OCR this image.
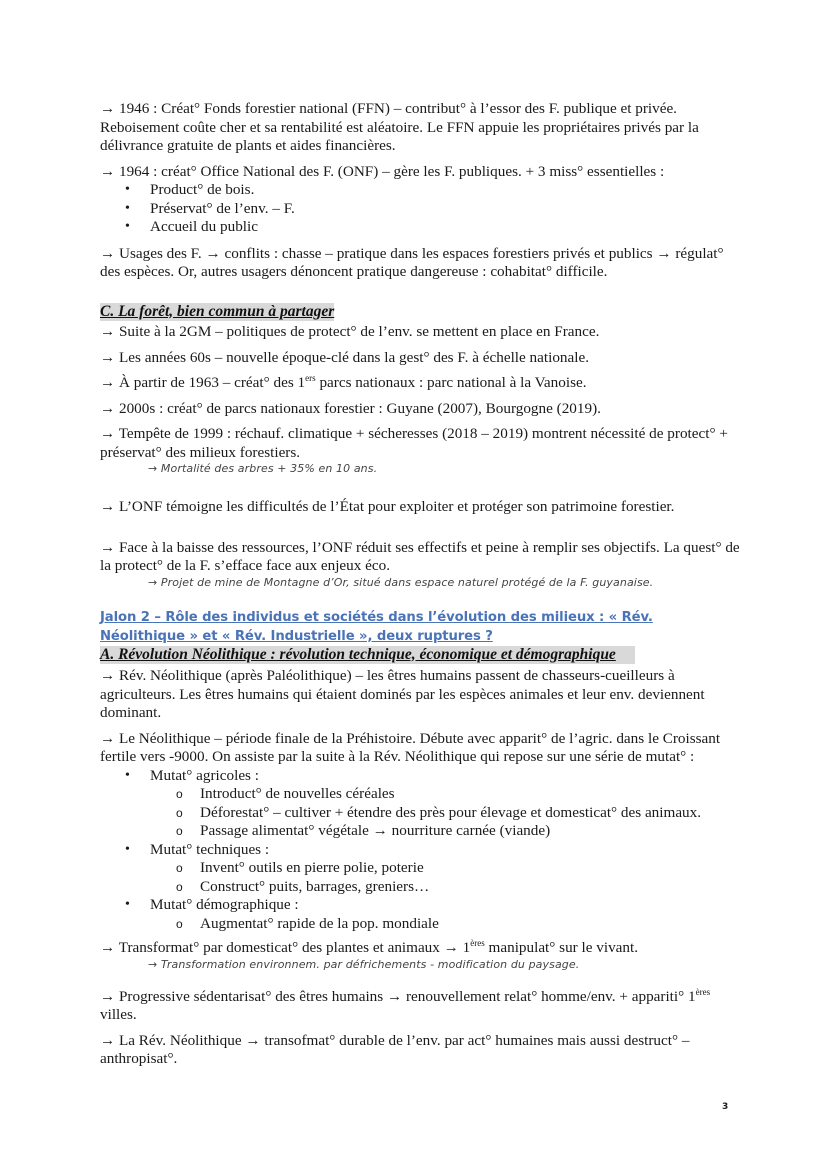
→ 1946 : Créat° Fonds forestier national (FFN) – contribut° à l’essor des F. publique et privée. Reboisement coûte cher et sa rentabilité est aléatoire. Le FFN appuie les propriétaires privés par la délivrance gratuite de plants et aides financières.

→ 1964 : créat° Office National des F. (ONF) – gère les F. publiques. + 3 miss° essentielles :

• Product° de bois.
• Préservat° de l’env. – F.
• Accueil du public

→ Usages des F. → conflits : chasse – pratique dans les espaces forestiers privés et publics → régulat° des espèces. Or, autres usagers dénoncent pratique dangereuse : cohabitat° difficile.

C. La forêt, bien commun à partager

→ Suite à la 2GM – politiques de protect° de l’env. se mettent en place en France.

→ Les années 60s – nouvelle époque-clé dans la gest° des F. à échelle nationale.

→ À partir de 1963 – créat° des 1ers parcs nationaux : parc national à la Vanoise.

→ 2000s : créat° de parcs nationaux forestier : Guyane (2007), Bourgogne (2019).

→ Tempête de 1999 : réchauf. climatique + sécheresses (2018 – 2019) montrent nécessité de protect° + préservat° des milieux forestiers.

→ Mortalité des arbres + 35% en 10 ans.

→ L’ONF témoigne les difficultés de l’État pour exploiter et protéger son patrimoine forestier.

→ Face à la baisse des ressources, l’ONF réduit ses effectifs et peine à remplir ses objectifs. La quest° de la protect° de la F. s’efface face aux enjeux éco.

→ Projet de mine de Montagne d’Or, situé dans espace naturel protégé de la F. guyanaise.

Jalon 2 – Rôle des individus et sociétés dans l’évolution des milieux : « Rév. Néolithique » et « Rév. Industrielle », deux ruptures ?

A. Révolution Néolithique : révolution technique, économique et démographique

→ Rév. Néolithique (après Paléolithique) – les êtres humains passent de chasseurs-cueilleurs à agriculteurs. Les êtres humains qui étaient dominés par les espèces animales et leur env. deviennent dominant.

→ Le Néolithique – période finale de la Préhistoire. Débute avec apparit° de l’agric. dans le Croissant fertile vers -9000. On assiste par la suite à la Rév. Néolithique qui repose sur une série de mutat° :

• Mutat° agricoles :
o Introduct° de nouvelles céréales
o Déforestat° – cultiver + étendre des près pour élevage et domesticat° des animaux.
o Passage alimentat° végétale → nourriture carnée (viande)
• Mutat° techniques :
o Invent° outils en pierre polie, poterie
o Construct° puits, barrages, greniers…
• Mutat° démographique :
o Augmentat° rapide de la pop. mondiale

→ Transformat° par domesticat° des plantes et animaux → 1ères manipulat° sur le vivant.

→ Transformation environnem. par défrichements - modification du paysage.

→ Progressive sédentarisat° des êtres humains → renouvellement relat° homme/env. + appariti° 1ères villes.

→ La Rév. Néolithique → transofmat° durable de l’env. par act° humaines mais aussi destruct° – anthropisat°.

3
